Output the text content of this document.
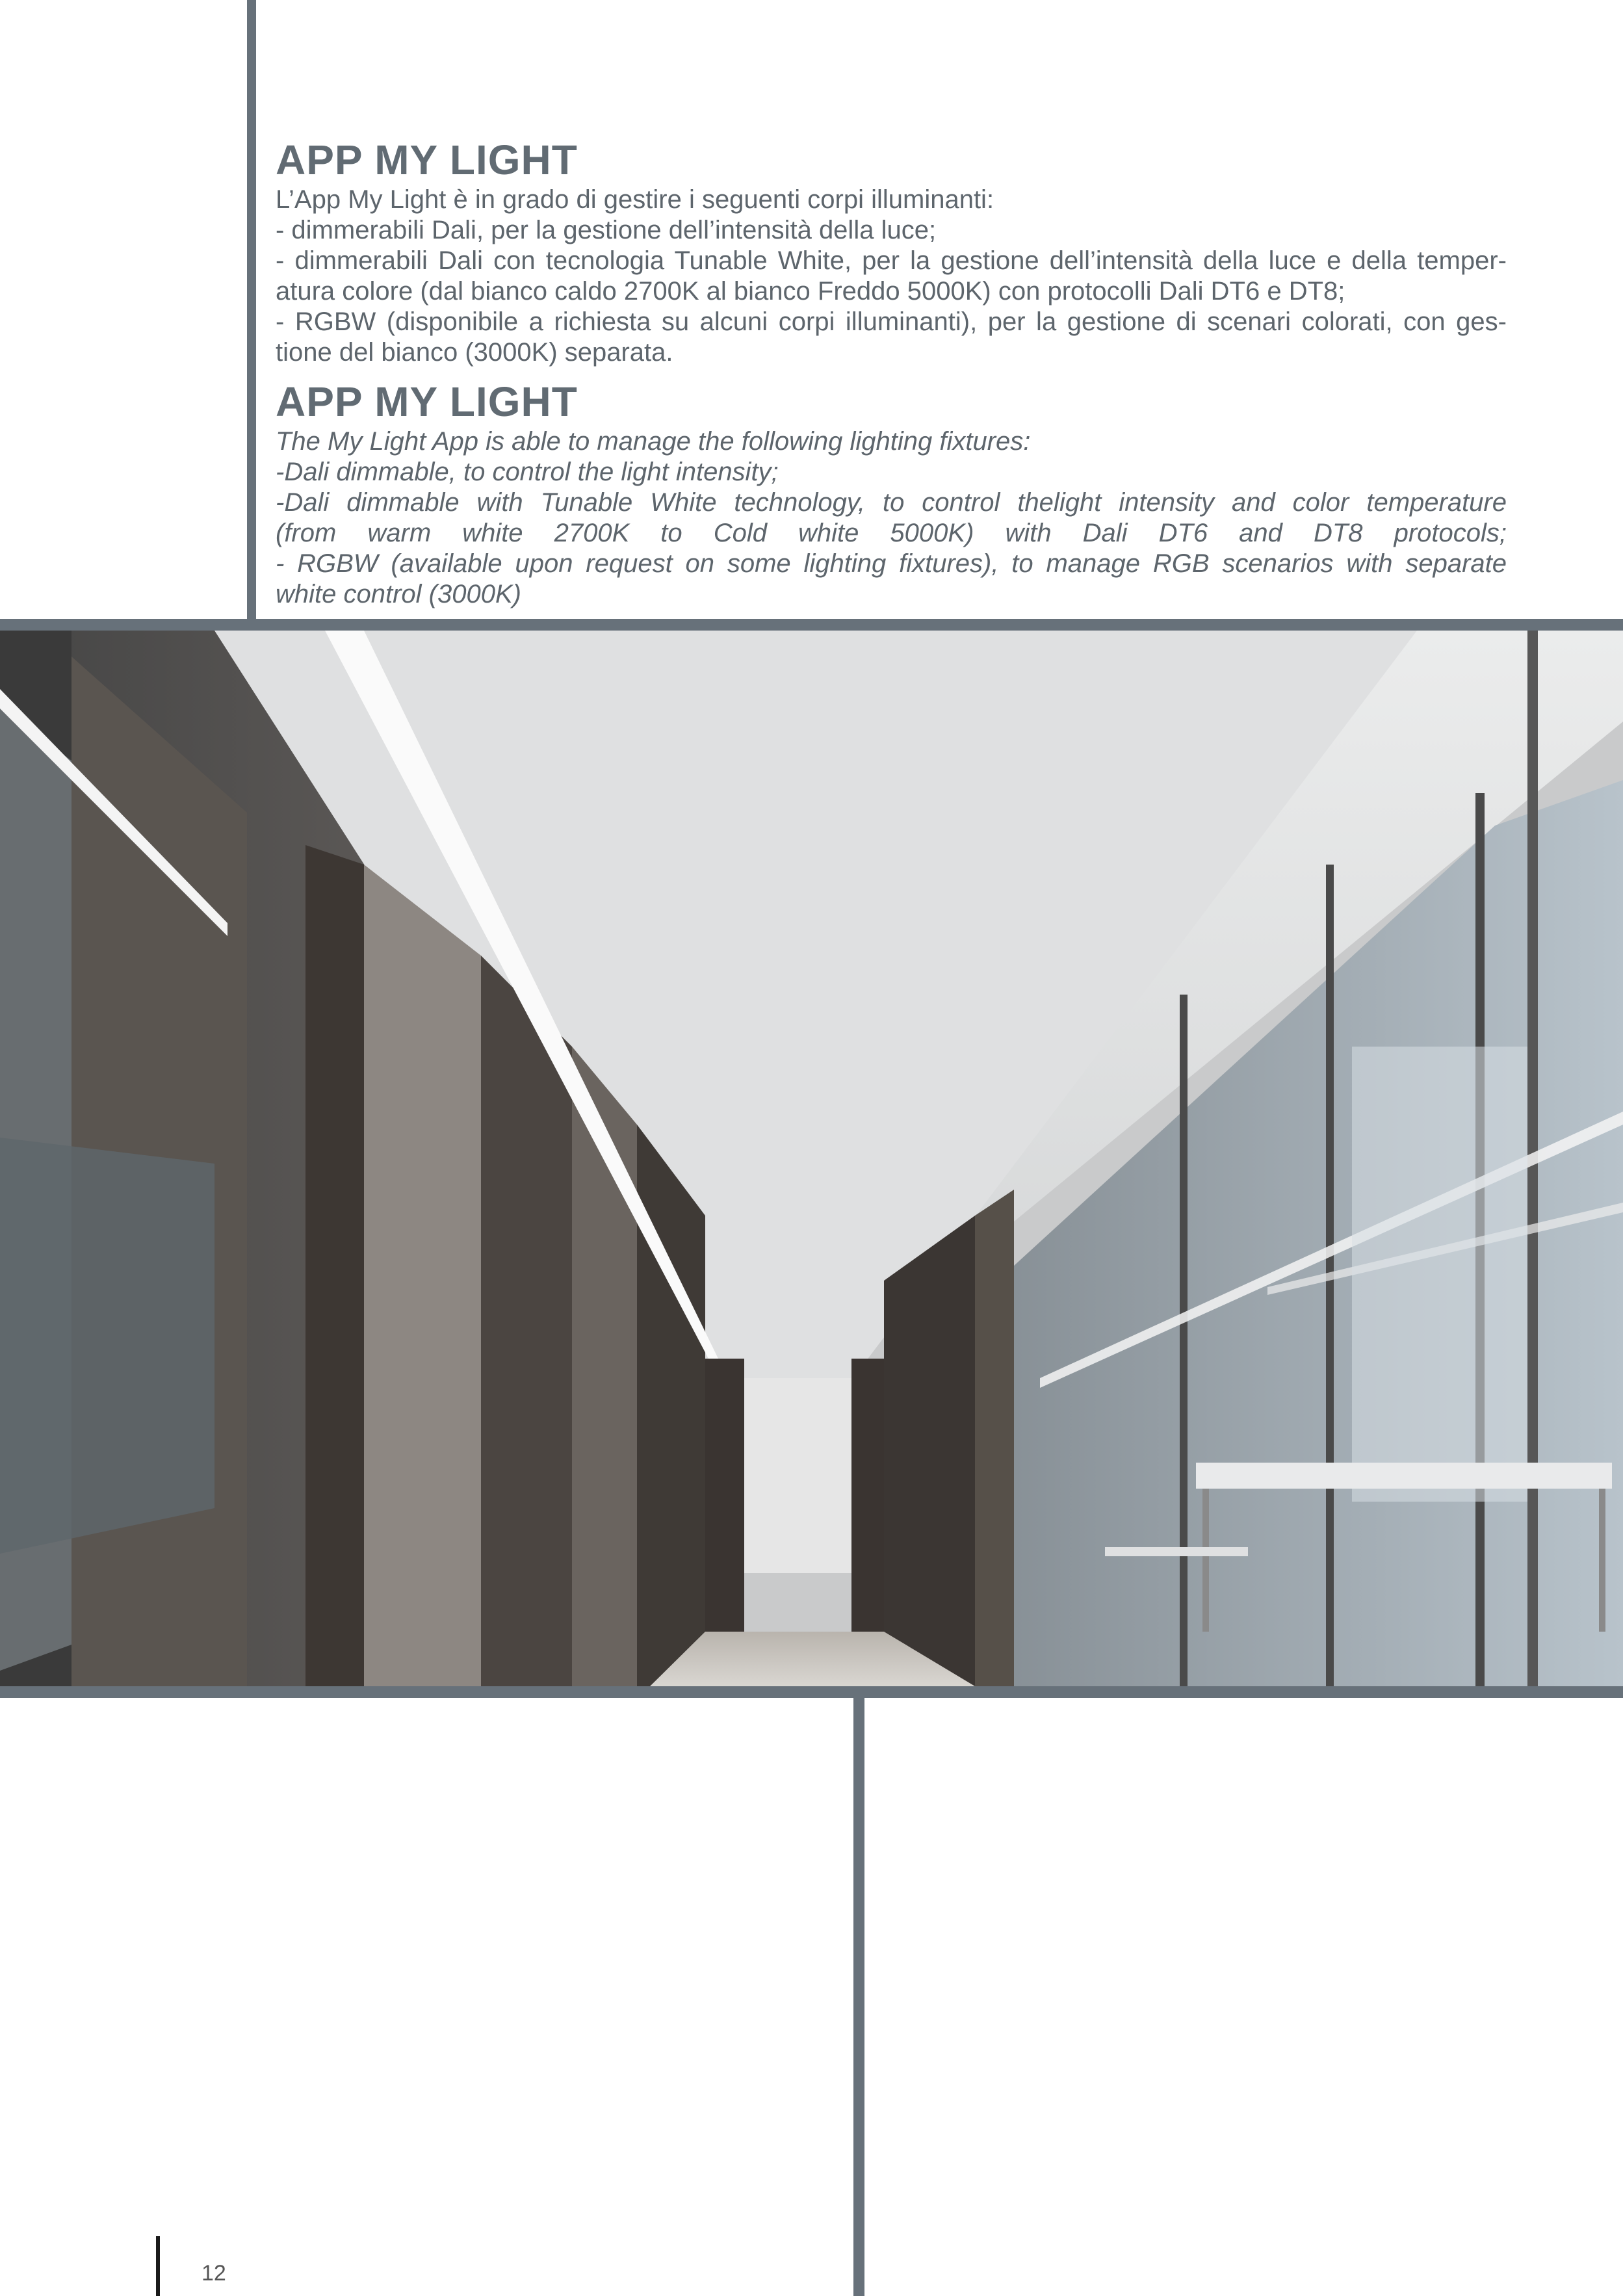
APP MY LIGHT

L’App My Light è in grado di gestire i seguenti corpi illuminanti:

- dimmerabili Dali, per la gestione dell’intensità della luce;

- dimmerabili Dali con tecnologia Tunable White, per la gestione dell’intensità della luce e della temper-

atura colore (dal bianco caldo 2700K al bianco Freddo 5000K) con protocolli Dali DT6 e DT8;

- RGBW (disponibile a richiesta su alcuni corpi illuminanti), per la gestione di scenari colorati, con ges-

tione del bianco (3000K) separata.

APP MY LIGHT

The My Light App is able to manage the following lighting fixtures:

-Dali dimmable, to control the light intensity;

-Dali dimmable with Tunable White technology, to control thelight intensity and color temperature

(from warm white 2700K to Cold white 5000K) with Dali DT6 and DT8 protocols;

- RGBW (available upon request on some lighting fixtures), to manage RGB scenarios with separate

white control (3000K)

12
